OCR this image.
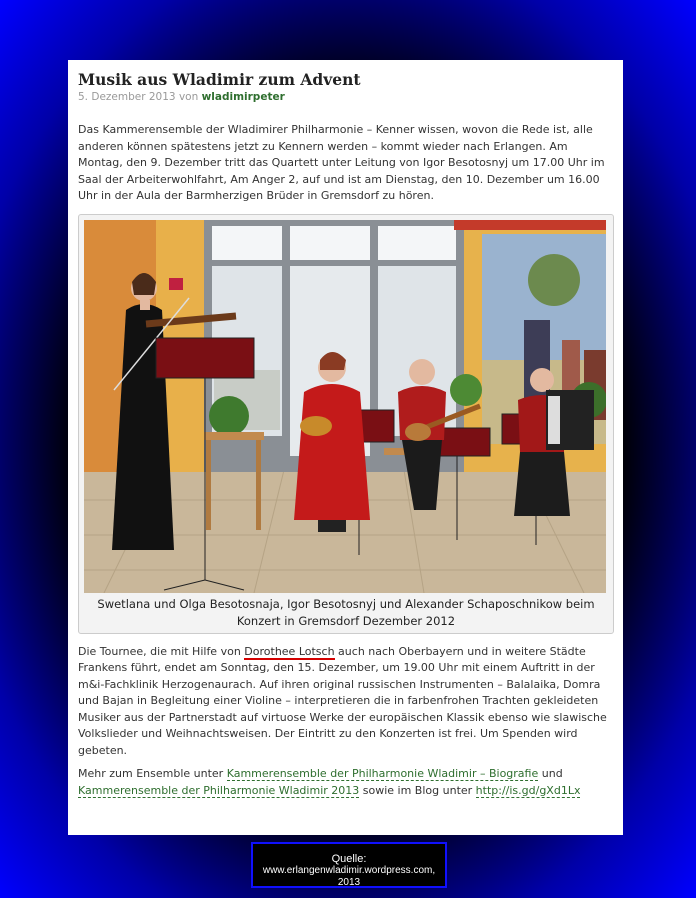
Musik aus Wladimir zum Advent
5. Dezember 2013 von wladimirpeter

Das Kammerensemble der Wladimirer Philharmonie – Kenner wissen, wovon die Rede ist, alle anderen können spätestens jetzt zu Kennern werden – kommt wieder nach Erlangen. Am Montag, den 9. Dezember tritt das Quartett unter Leitung von Igor Besotosnyj um 17.00 Uhr im Saal der Arbeiterwohlfahrt, Am Anger 2, auf und ist am Dienstag, den 10. Dezember um 16.00 Uhr in der Aula der Barmherzigen Brüder in Gremsdorf zu hören.

Swetlana und Olga Besotosnaja, Igor Besotosnyj und Alexander Schaposchnikow beim Konzert in Gremsdorf Dezember 2012

Die Tournee, die mit Hilfe von Dorothee Lotsch auch nach Oberbayern und in weitere Städte Frankens führt, endet am Sonntag, den 15. Dezember, um 19.00 Uhr mit einem Auftritt in der m&i-Fachklinik Herzogenaurach. Auf ihren original russischen Instrumenten – Balalaika, Domra und Bajan in Begleitung einer Violine – interpretieren die in farbenfrohen Trachten gekleideten Musiker aus der Partnerstadt auf virtuose Werke der europäischen Klassik ebenso wie slawische Volkslieder und Weihnachtsweisen. Der Eintritt zu den Konzerten ist frei. Um Spenden wird gebeten.

Mehr zum Ensemble unter Kammerensemble der Philharmonie Wladimir – Biografie und Kammerensemble der Philharmonie Wladimir 2013 sowie im Blog unter http://is.gd/gXd1Lx

Quelle:
www.erlangenwladimir.wordpress.com,
2013
